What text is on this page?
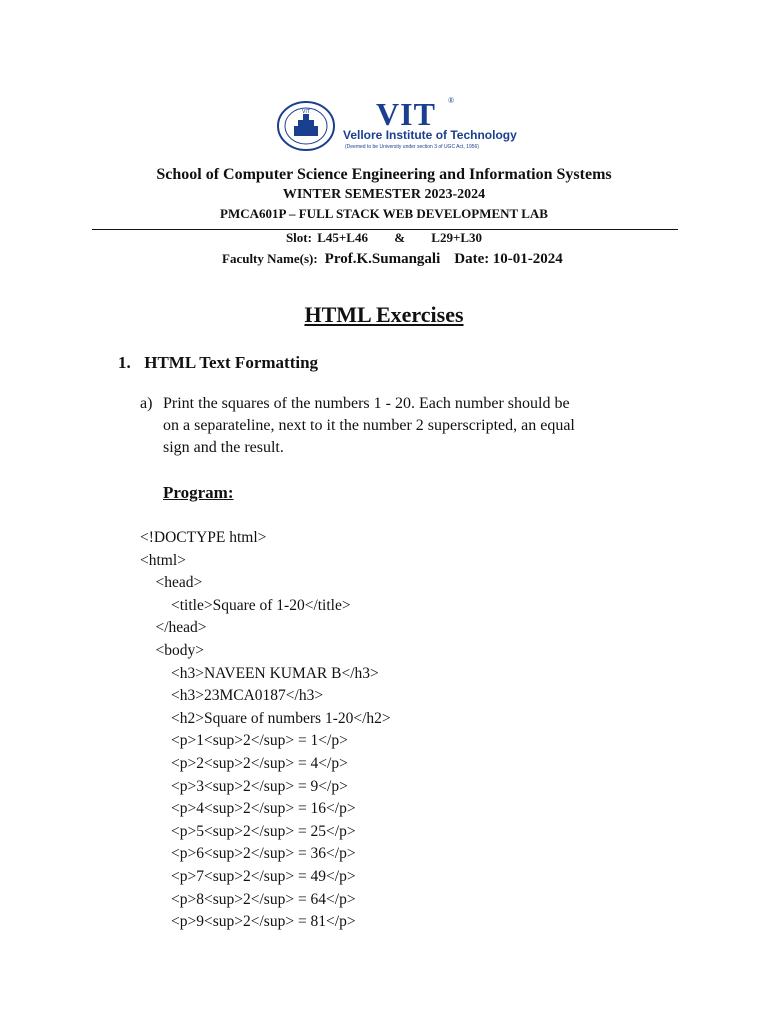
VIT VIT ®
Vellore Institute of Technology
(Deemed to be University under section 3 of UGC Act, 1956)
School of Computer Science Engineering and Information Systems
WINTER SEMESTER 2023-2024
PMCA601P – FULL STACK WEB DEVELOPMENT LAB
Slot: L45+L46     &     L29+L30
Faculty Name(s): Prof.K.Sumangali Date: 10-01-2024
HTML Exercises
1. HTML Text Formatting
a) Print the squares of the numbers 1 - 20. Each number should be
on a separateline, next to it the number 2 superscripted, an equal
sign and the result.
Program:
<!DOCTYPE html>
<html>
<head>
<title>Square of 1-20</title>
</head>
<body>
<h3>NAVEEN KUMAR B</h3>
<h3>23MCA0187</h3>
<h2>Square of numbers 1-20</h2>
<p>1<sup>2</sup> = 1</p>
<p>2<sup>2</sup> = 4</p>
<p>3<sup>2</sup> = 9</p>
<p>4<sup>2</sup> = 16</p>
<p>5<sup>2</sup> = 25</p>
<p>6<sup>2</sup> = 36</p>
<p>7<sup>2</sup> = 49</p>
<p>8<sup>2</sup> = 64</p>
<p>9<sup>2</sup> = 81</p>
